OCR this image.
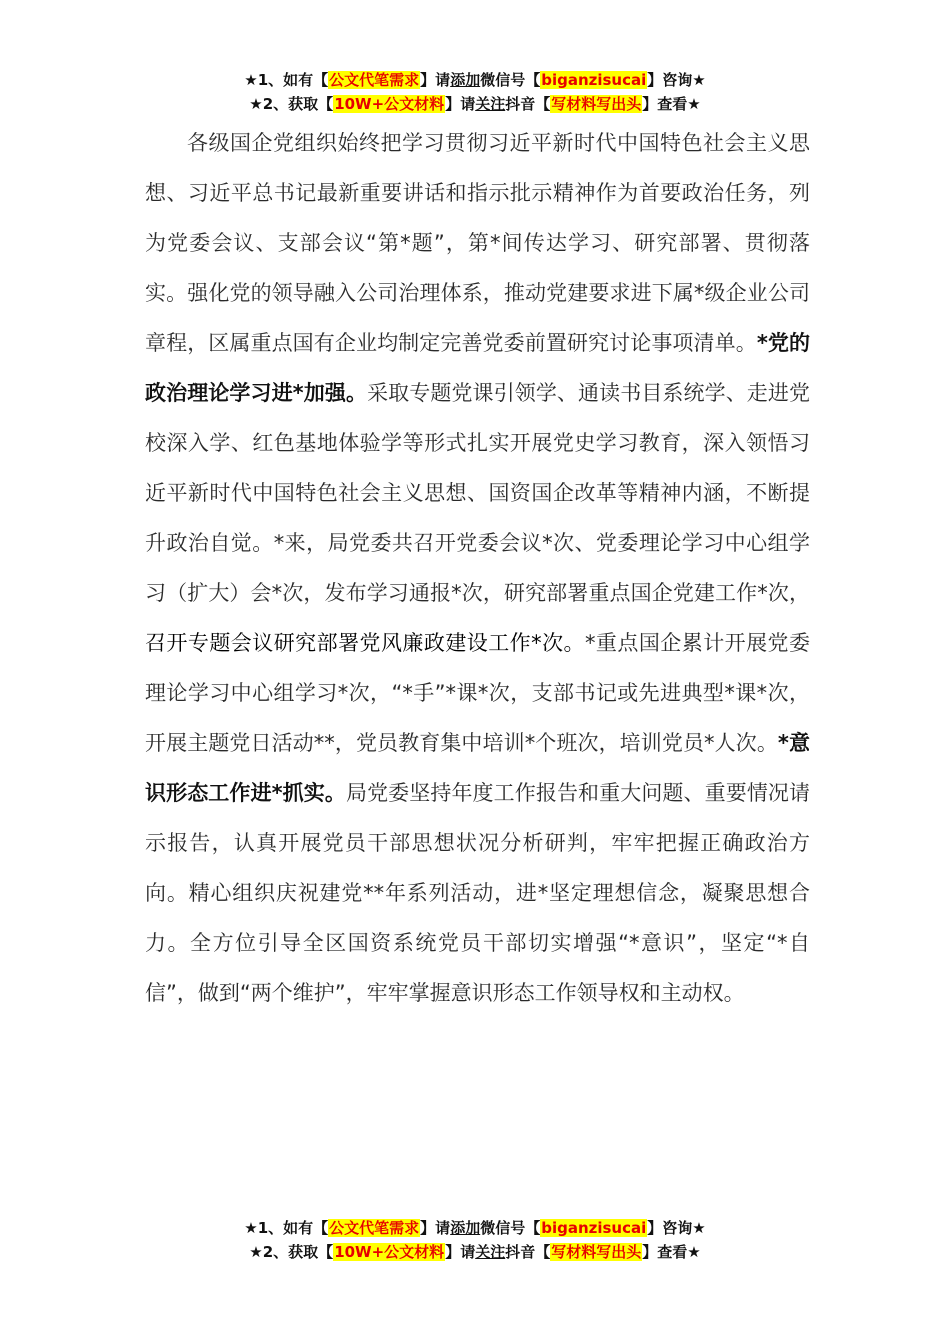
★1、如有【公文代笔需求】请添加微信号【biganzisucai】咨询★
★2、获取【10W+公文材料】请关注抖音【写材料写出头】查看★

各级国企党组织始终把学习贯彻习近平新时代中国特色社会主义思想、习近平总书记最新重要讲话和指示批示精神作为首要政治任务，列为党委会议、支部会议“第*题”，第*间传达学习、研究部署、贯彻落实。强化党的领导融入公司治理体系，推动党建要求进下属*级企业公司章程，区属重点国有企业均制定完善党委前置研究讨论事项清单。*党的政治理论学习进*加强。采取专题党课引领学、通读书目系统学、走进党校深入学、红色基地体验学等形式扎实开展党史学习教育，深入领悟习近平新时代中国特色社会主义思想、国资国企改革等精神内涵，不断提升政治自觉。*来，局党委共召开党委会议*次、党委理论学习中心组学习（扩大）会*次，发布学习通报*次，研究部署重点国企党建工作*次，召开专题会议研究部署党风廉政建设工作*次。*重点国企累计开展党委理论学习中心组学习*次，“*手”*课*次，支部书记或先进典型*课*次，开展主题党日活动**，党员教育集中培训*个班次，培训党员*人次。*意识形态工作进*抓实。局党委坚持年度工作报告和重大问题、重要情况请示报告，认真开展党员干部思想状况分析研判，牢牢把握正确政治方向。精心组织庆祝建党**年系列活动，进*坚定理想信念，凝聚思想合力。全方位引导全区国资系统党员干部切实增强“*意识”，坚定“*自信”，做到“两个维护”，牢牢掌握意识形态工作领导权和主动权。

★1、如有【公文代笔需求】请添加微信号【biganzisucai】咨询★
★2、获取【10W+公文材料】请关注抖音【写材料写出头】查看★
